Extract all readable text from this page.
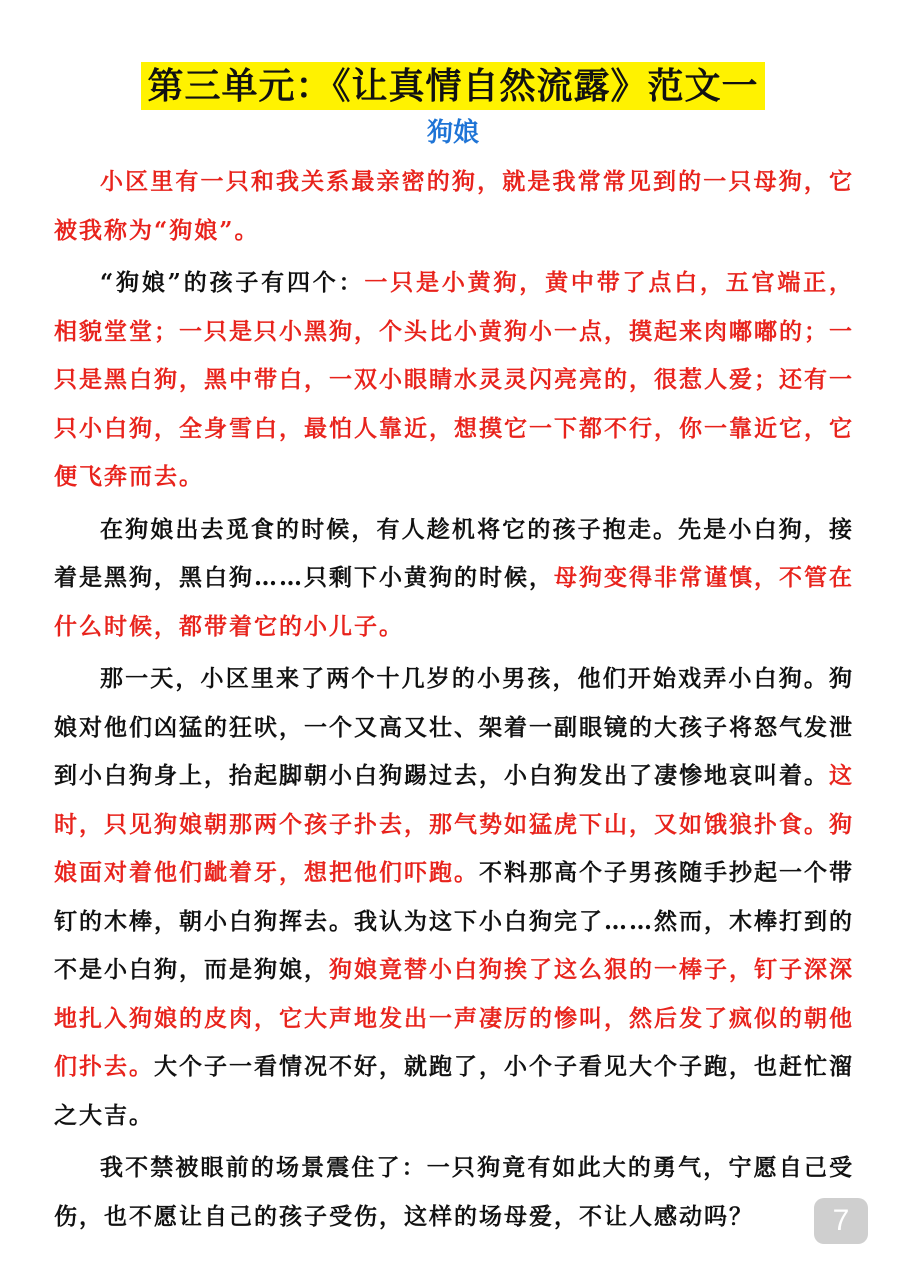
第三单元：《让真情自然流露》范文一
狗娘

小区里有一只和我关系最亲密的狗，就是我常常见到的一只母狗，它被我称为“狗娘”。

“狗娘”的孩子有四个：一只是小黄狗，黄中带了点白，五官端正，相貌堂堂；一只是只小黑狗，个头比小黄狗小一点，摸起来肉嘟嘟的；一只是黑白狗，黑中带白，一双小眼睛水灵灵闪亮亮的，很惹人爱；还有一只小白狗，全身雪白，最怕人靠近，想摸它一下都不行，你一靠近它，它便飞奔而去。

在狗娘出去觅食的时候，有人趁机将它的孩子抱走。先是小白狗，接着是黑狗，黑白狗……只剩下小黄狗的时候，母狗变得非常谨慎，不管在什么时候，都带着它的小儿子。

那一天，小区里来了两个十几岁的小男孩，他们开始戏弄小白狗。狗娘对他们凶猛的狂吠，一个又高又壮、架着一副眼镜的大孩子将怒气发泄到小白狗身上，抬起脚朝小白狗踢过去，小白狗发出了凄惨地哀叫着。这时，只见狗娘朝那两个孩子扑去，那气势如猛虎下山，又如饿狼扑食。狗娘面对着他们龇着牙，想把他们吓跑。不料那高个子男孩随手抄起一个带钉的木棒，朝小白狗挥去。我认为这下小白狗完了……然而，木棒打到的不是小白狗，而是狗娘，狗娘竟替小白狗挨了这么狠的一棒子，钉子深深地扎入狗娘的皮肉，它大声地发出一声凄厉的惨叫，然后发了疯似的朝他们扑去。大个子一看情况不好，就跑了，小个子看见大个子跑，也赶忙溜之大吉。

我不禁被眼前的场景震住了：一只狗竟有如此大的勇气，宁愿自己受伤，也不愿让自己的孩子受伤，这样的场母爱，不让人感动吗？	7
